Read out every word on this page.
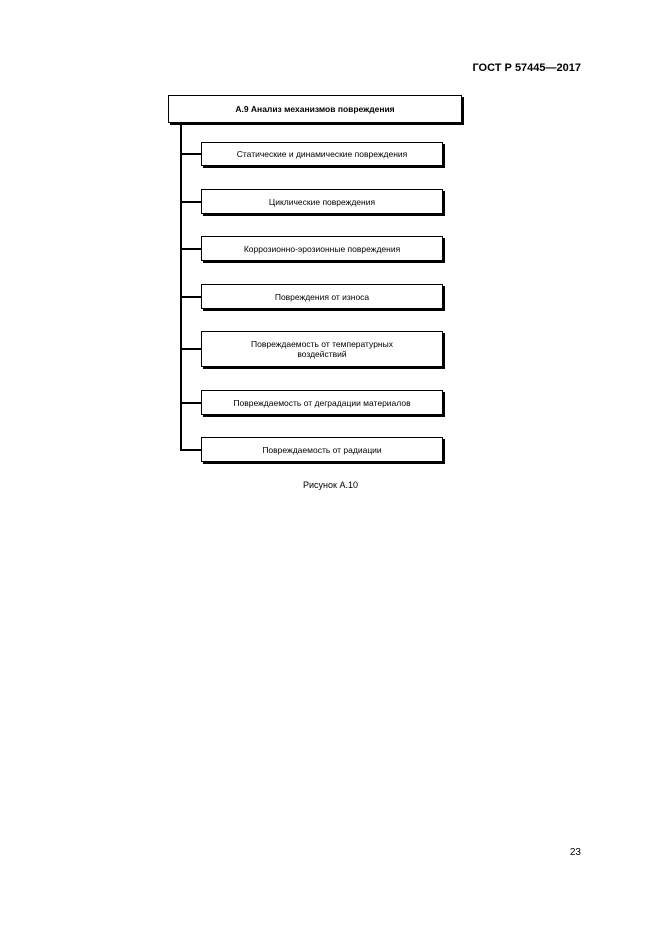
ГОСТ Р 57445—2017
А.9 Анализ механизмов повреждения
Статические и динамические повреждения
Циклические повреждения
Коррозионно-эрозионные повреждения
Повреждения от износа
Повреждаемость от температурных воздействий
Повреждаемость от деградации материалов
Повреждаемость от радиации
Рисунок А.10
23
